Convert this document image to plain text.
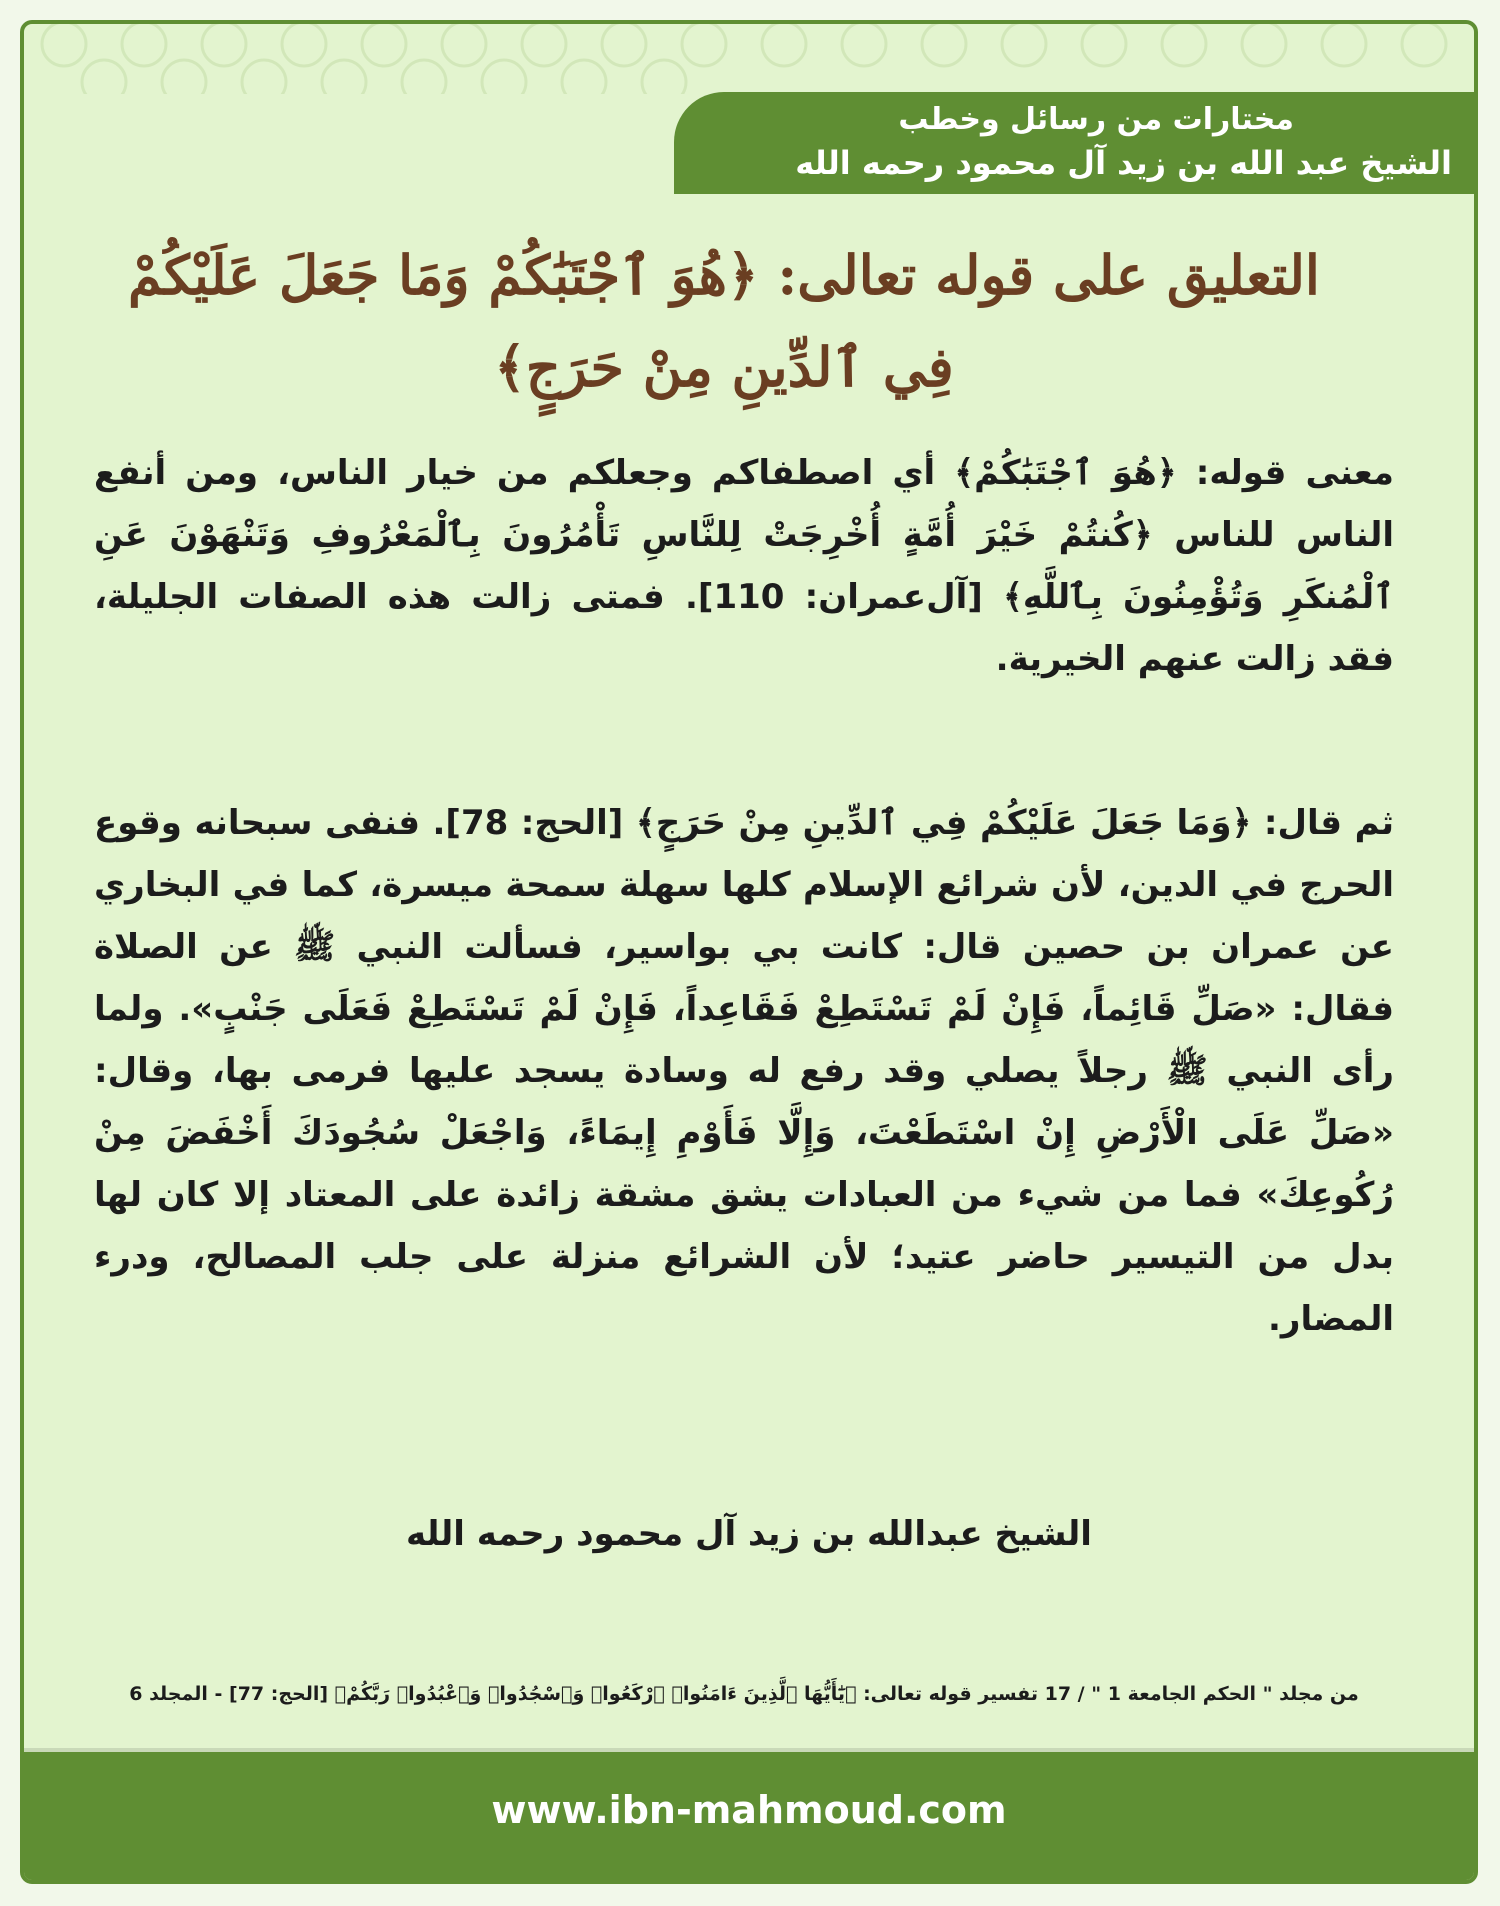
مختارات من رسائل وخطب
الشيخ عبد الله بن زيد آل محمود رحمه الله
التعليق على قوله تعالى: ﴿هُوَ ٱجْتَبَٰكُمْ وَمَا جَعَلَ عَلَيْكُمْ فِي ٱلدِّينِ مِنْ حَرَجٍ﴾
معنى قوله: ﴿هُوَ ٱجْتَبَٰكُمْ﴾ أي اصطفاكم وجعلكم من خيار الناس، ومن أنفع الناس للناس ﴿كُنتُمْ خَيْرَ أُمَّةٍ أُخْرِجَتْ لِلنَّاسِ تَأْمُرُونَ بِٱلْمَعْرُوفِ وَتَنْهَوْنَ عَنِ ٱلْمُنكَرِ وَتُؤْمِنُونَ بِٱللَّهِ﴾ [آل‌عمران: 110]. فمتى زالت هذه الصفات الجليلة، فقد زالت عنهم الخيرية.
ثم قال: ﴿وَمَا جَعَلَ عَلَيْكُمْ فِي ٱلدِّينِ مِنْ حَرَجٍ﴾ [الحج: 78]. فنفى سبحانه وقوع الحرج في الدين، لأن شرائع الإسلام كلها سهلة سمحة ميسرة، كما في البخاري عن عمران بن حصين قال: كانت بي بواسير، فسألت النبي ﷺ عن الصلاة فقال: «صَلِّ قَائِماً، فَإِنْ لَمْ تَسْتَطِعْ فَقَاعِداً، فَإِنْ لَمْ تَسْتَطِعْ فَعَلَى جَنْبٍ». ولما رأى النبي ﷺ رجلاً يصلي وقد رفع له وسادة يسجد عليها فرمى بها، وقال: «صَلِّ عَلَى الْأَرْضِ إِنْ اسْتَطَعْتَ، وَإِلَّا فَأَوْمِ إِيمَاءً، وَاجْعَلْ سُجُودَكَ أَخْفَضَ مِنْ رُكُوعِكَ» فما من شيء من العبادات يشق مشقة زائدة على المعتاد إلا كان لها بدل من التيسير حاضر عتيد؛ لأن الشرائع منزلة على جلب المصالح، ودرء المضار.
الشيخ عبدالله بن زيد آل محمود رحمه الله
من مجلد " الحكم الجامعة 1 " / 17 تفسير قوله تعالى: ﴿يَٰٓأَيُّهَا ٱلَّذِينَ ءَامَنُوا۟ ٱرْكَعُوا۟ وَٱسْجُدُوا۟ وَٱعْبُدُوا۟ رَبَّكُمْ﴾ [الحج: 77] - المجلد 6
www.ibn-mahmoud.com
